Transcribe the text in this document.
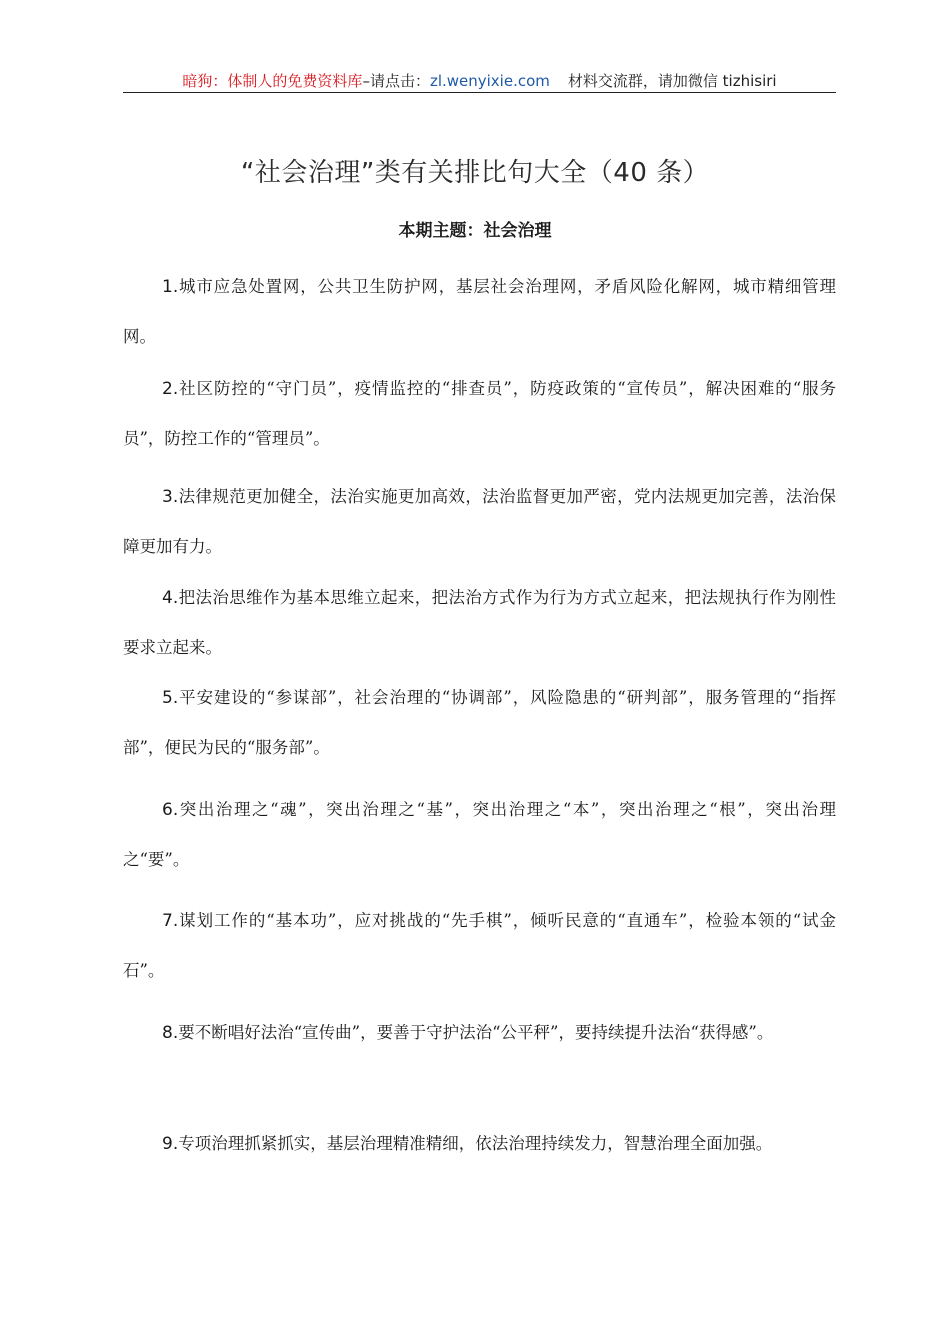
暗狗：体制人的免费资料库–请点击：zl.wenyixie.com 材料交流群，请加微信 tizhisiri
“社会治理”类有关排比句大全（40 条）
本期主题：社会治理

1.城市应急处置网，公共卫生防护网，基层社会治理网，矛盾风险化解网，城市精细管理网。

2.社区防控的“守门员”，疫情监控的“排查员”，防疫政策的“宣传员”，解决困难的“服务员”，防控工作的“管理员”。

3.法律规范更加健全，法治实施更加高效，法治监督更加严密，党内法规更加完善，法治保障更加有力。

4.把法治思维作为基本思维立起来，把法治方式作为行为方式立起来，把法规执行作为刚性要求立起来。

5.平安建设的“参谋部”，社会治理的“协调部”，风险隐患的“研判部”，服务管理的“指挥部”，便民为民的“服务部”。

6.突出治理之“魂”，突出治理之“基”，突出治理之“本”，突出治理之“根”，突出治理之“要”。

7.谋划工作的“基本功”，应对挑战的“先手棋”，倾听民意的“直通车”，检验本领的“试金石”。

8.要不断唱好法治“宣传曲”，要善于守护法治“公平秤”，要持续提升法治“获得感”。

9.专项治理抓紧抓实，基层治理精准精细，依法治理持续发力，智慧治理全面加强。
